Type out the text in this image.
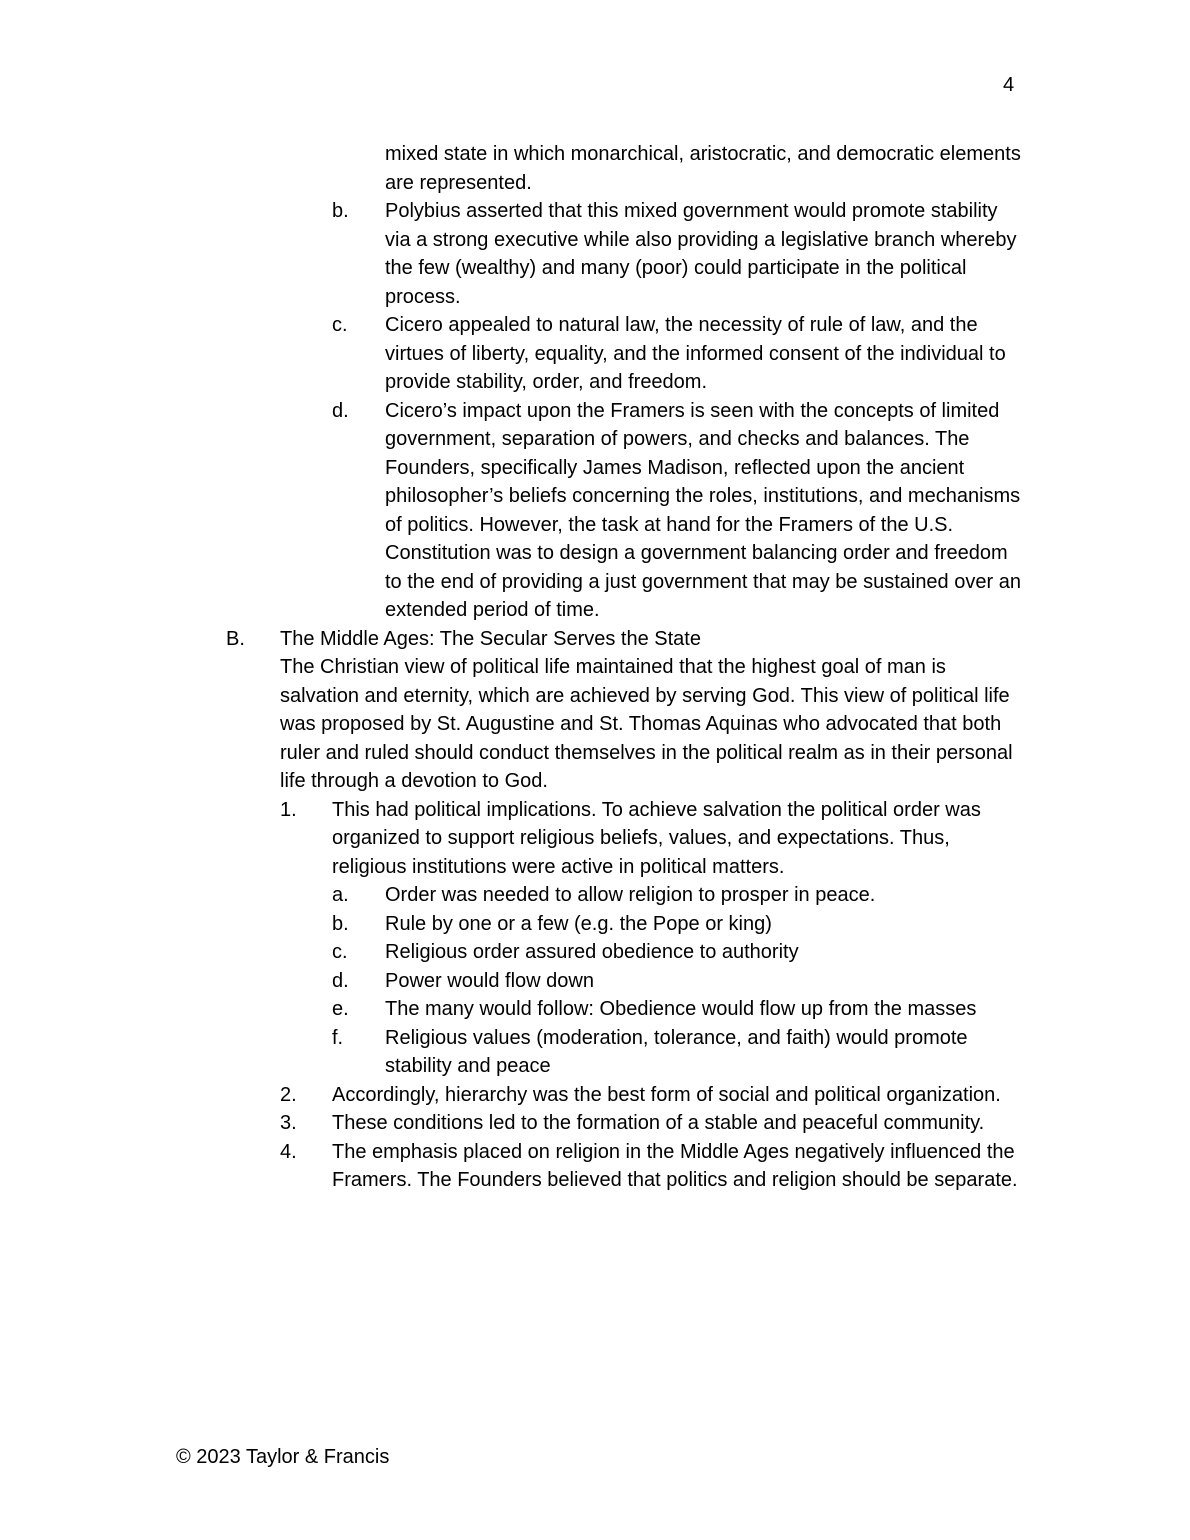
4
mixed state in which monarchical, aristocratic, and democratic elements are represented.
b.	Polybius asserted that this mixed government would promote stability via a strong executive while also providing a legislative branch whereby the few (wealthy) and many (poor) could participate in the political process.
c.	Cicero appealed to natural law, the necessity of rule of law, and the virtues of liberty, equality, and the informed consent of the individual to provide stability, order, and freedom.
d.	Cicero’s impact upon the Framers is seen with the concepts of limited government, separation of powers, and checks and balances. The Founders, specifically James Madison, reflected upon the ancient philosopher’s beliefs concerning the roles, institutions, and mechanisms of politics. However, the task at hand for the Framers of the U.S. Constitution was to design a government balancing order and freedom to the end of providing a just government that may be sustained over an extended period of time.
B.	The Middle Ages: The Secular Serves the State
The Christian view of political life maintained that the highest goal of man is salvation and eternity, which are achieved by serving God. This view of political life was proposed by St. Augustine and St. Thomas Aquinas who advocated that both ruler and ruled should conduct themselves in the political realm as in their personal life through a devotion to God.
1.	This had political implications. To achieve salvation the political order was organized to support religious beliefs, values, and expectations. Thus, religious institutions were active in political matters.
a.	Order was needed to allow religion to prosper in peace.
b.	Rule by one or a few (e.g. the Pope or king)
c.	Religious order assured obedience to authority
d.	Power would flow down
e.	The many would follow: Obedience would flow up from the masses
f.	Religious values (moderation, tolerance, and faith) would promote stability and peace
2.	Accordingly, hierarchy was the best form of social and political organization.
3.	These conditions led to the formation of a stable and peaceful community.
4.	The emphasis placed on religion in the Middle Ages negatively influenced the Framers. The Founders believed that politics and religion should be separate.
© 2023 Taylor & Francis
